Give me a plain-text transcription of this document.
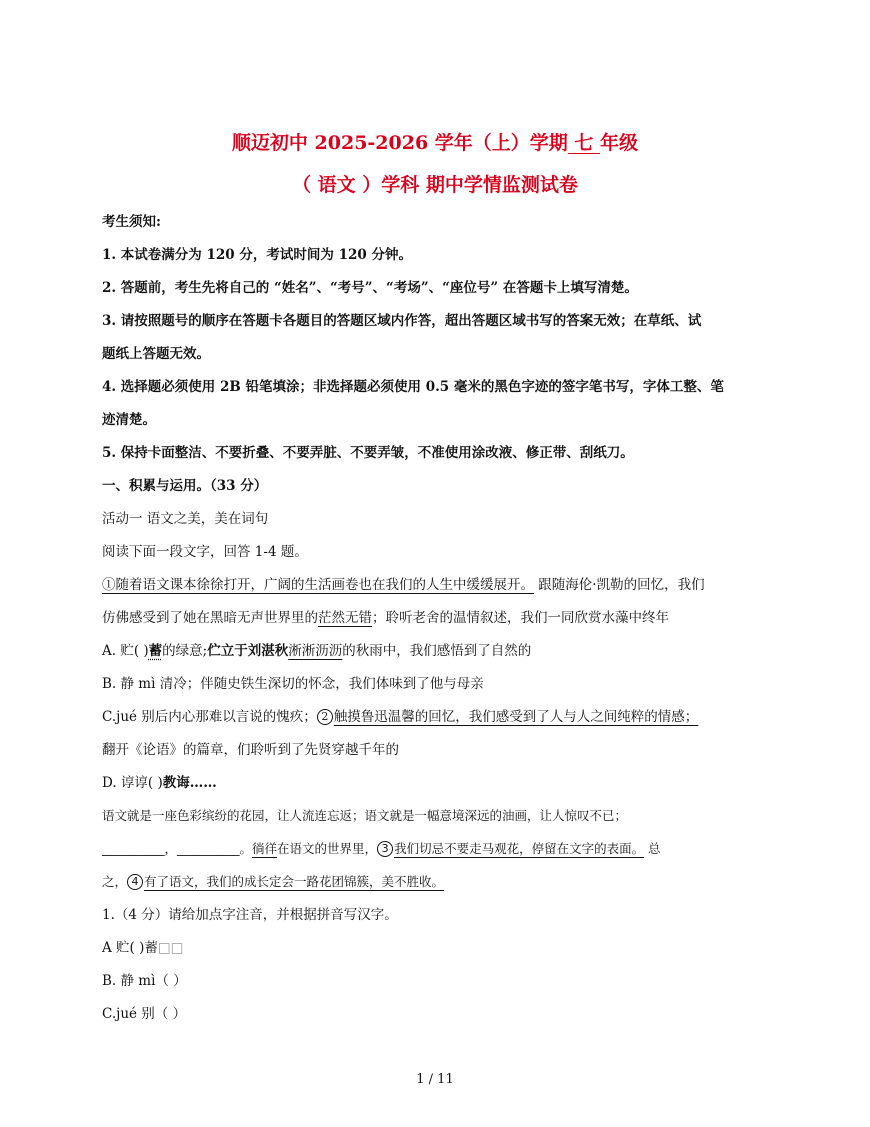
顺迈初中 2025-2026 学年（上）学期 七 年级
（ 语文 ）学科 期中学情监测试卷
考生须知:
1. 本试卷满分为 120 分，考试时间为 120 分钟。
2. 答题前，考生先将自己的 “姓名”、“考号”、“考场”、“座位号” 在答题卡上填写清楚。
3. 请按照题号的顺序在答题卡各题目的答题区域内作答，超出答题区域书写的答案无效；在草纸、试
题纸上答题无效。
4. 选择题必须使用 2B 铅笔填涂；非选择题必须使用 0.5 毫米的黑色字迹的签字笔书写，字体工整、笔
迹清楚。
5. 保持卡面整洁、不要折叠、不要弄脏、不要弄皱，不准使用涂改液、修正带、刮纸刀。
一、积累与运用。（33 分）
活动一 语文之美，美在词句
阅读下面一段文字，回答 1-4 题。
①随着语文课本徐徐打开，广阔的生活画卷也在我们的人生中缓缓展开。 跟随海伦·凯勒的回忆，我们
仿佛感受到了她在黑暗无声世界里的茫然无错；聆听老舍的温情叙述，我们一同欣赏水藻中终年
A. 贮( )蓄的绿意;伫立于刘湛秋淅淅沥沥的秋雨中，我们感悟到了自然的
B. 静 mì 清冷；伴随史铁生深切的怀念，我们体味到了他与母亲
C.jué 别后内心那难以言说的愧疚； 2 触摸鲁迅温馨的回忆，我们感受到了人与人之间纯粹的情感；
翻开《论语》的篇章，们聆听到了先贤穿越千年的
D. 谆谆( )教诲……
语文就是一座色彩缤纷的花园，让人流连忘返；语文就是一幅意境深远的油画，让人惊叹不已；
__________，__________。徜徉在语文的世界里， 3 我们切忌不要走马观花，停留在文字的表面。 总
之， 4 有了语文，我们的成长定会一路花团锦簇，美不胜收。
1.（4 分）请给加点字注音，并根据拼音写汉字。
A 贮( )蓄□□
B. 静 mì（ ）
C.jué 别（ ）
1 / 11
